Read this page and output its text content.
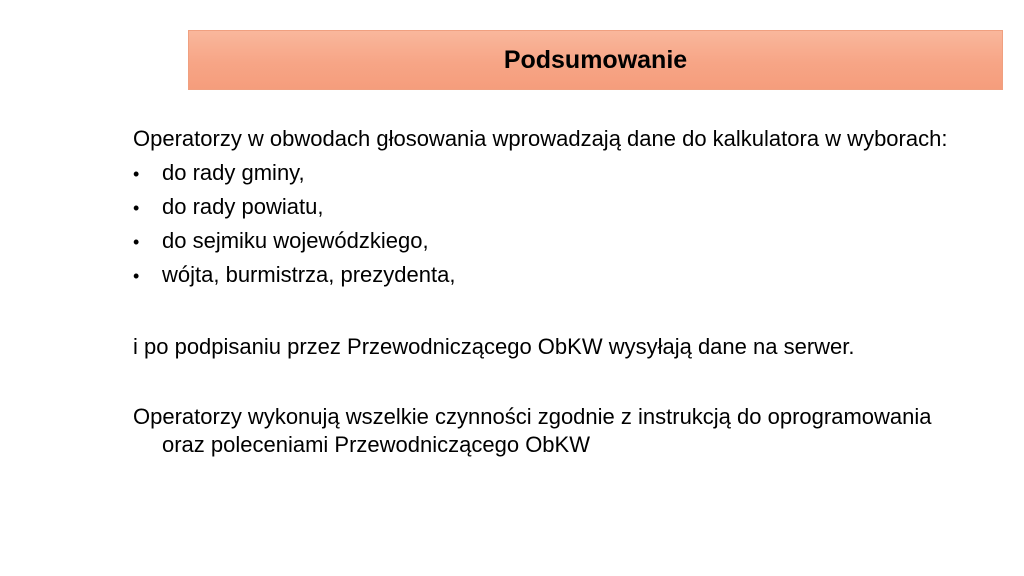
Podsumowanie

Operatorzy w obwodach głosowania wprowadzają dane do kalkulatora w wyborach:

•	do rady gminy,
•	do rady powiatu,
•	do sejmiku wojewódzkiego,
•	wójta, burmistrza, prezydenta,

i po podpisaniu przez Przewodniczącego ObKW wysyłają dane na serwer.

Operatorzy wykonują wszelkie czynności zgodnie z instrukcją do oprogramowania oraz poleceniami Przewodniczącego ObKW
